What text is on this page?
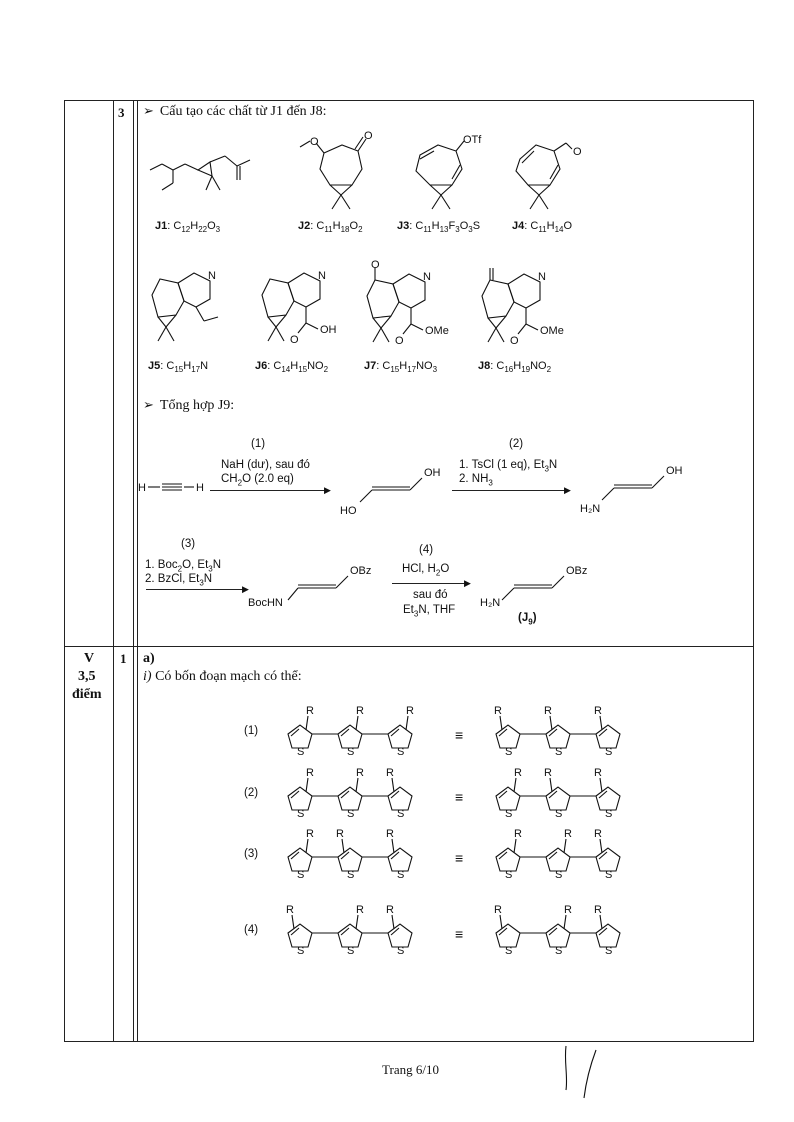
3 ➢ Cấu tạo các chất từ J1 đến J8:
J1: $C_{12}H_{22}O_3$
O	O
J2: $C_{11}H_{18}O_2$
OTf
J3: $C_{11}H_{13}F_3O_3S$
O
J4: $C_{11}H_{14}O$
N
J5: $C_{15}H_{17}N$
N
OH
O
J6: $C_{14}H_{15}NO_2$
O
N
OMe
O
J7: $C_{15}H_{17}NO_3$
N
OMe
O
J8: $C_{16}H_{19}NO_2$
➢ Tổng hợp J9:
H	H
(1)
NaH (dư), sau đó
$CH_2O$ (2.0 eq)
▶
OH
HO
(2)
1. TsCl (1 eq), $Et_3N$
2. $NH_3$
▶
OH
H₂N
(3)
1. Boc$_2$O, $Et_3N$
2. BzCl, $Et_3N$
▶
OBz
BocHN
(4)
HCl, $H_2O$
▶
sau đó
$Et_3N$, THF
OBz
H₂N
$(J_9)$
V
3,5
điểm
1 a)
i) Có bốn đoạn mạch có thể:
(1)
S
R
S
R
S
R
S
R
S
R
S
R
≡
(2)
S
R
S
R
S
R
S
R
S
R
S
R
≡
(3)
S
R
S
R
S
R
S
R
S
R
S
R
≡
(4)
S
R
S
R
S
R
S
R
S
R
S
R
≡
Trang 6/10
